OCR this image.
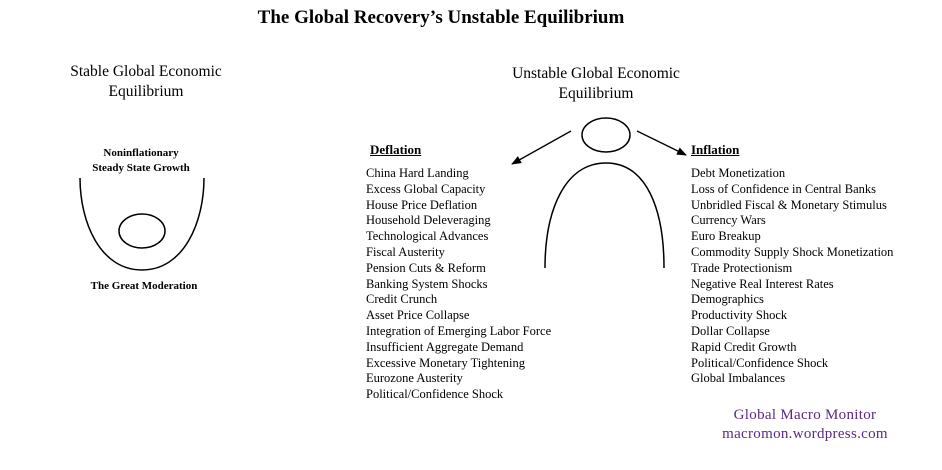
The Global Recovery’s Unstable Equilibrium
Stable Global Economic
Equilibrium
Noninflationary
Steady State Growth
The Great Moderation
Unstable Global Economic
Equilibrium
Deflation	Inflation
China Hard Landing
Excess Global Capacity
House Price Deflation
Household Deleveraging
Technological Advances
Fiscal Austerity
Pension Cuts & Reform
Banking System Shocks
Credit Crunch
Asset Price Collapse
Integration of Emerging Labor Force
Insufficient Aggregate Demand
Excessive Monetary Tightening
Eurozone Austerity
Political/Confidence Shock
Debt Monetization
Loss of Confidence in Central Banks
Unbridled Fiscal & Monetary Stimulus
Currency Wars
Euro Breakup
Commodity Supply Shock Monetization
Trade Protectionism
Negative Real Interest Rates
Demographics
Productivity Shock
Dollar Collapse
Rapid Credit Growth
Political/Confidence Shock
Global Imbalances
Global Macro Monitor
macromon.wordpress.com
